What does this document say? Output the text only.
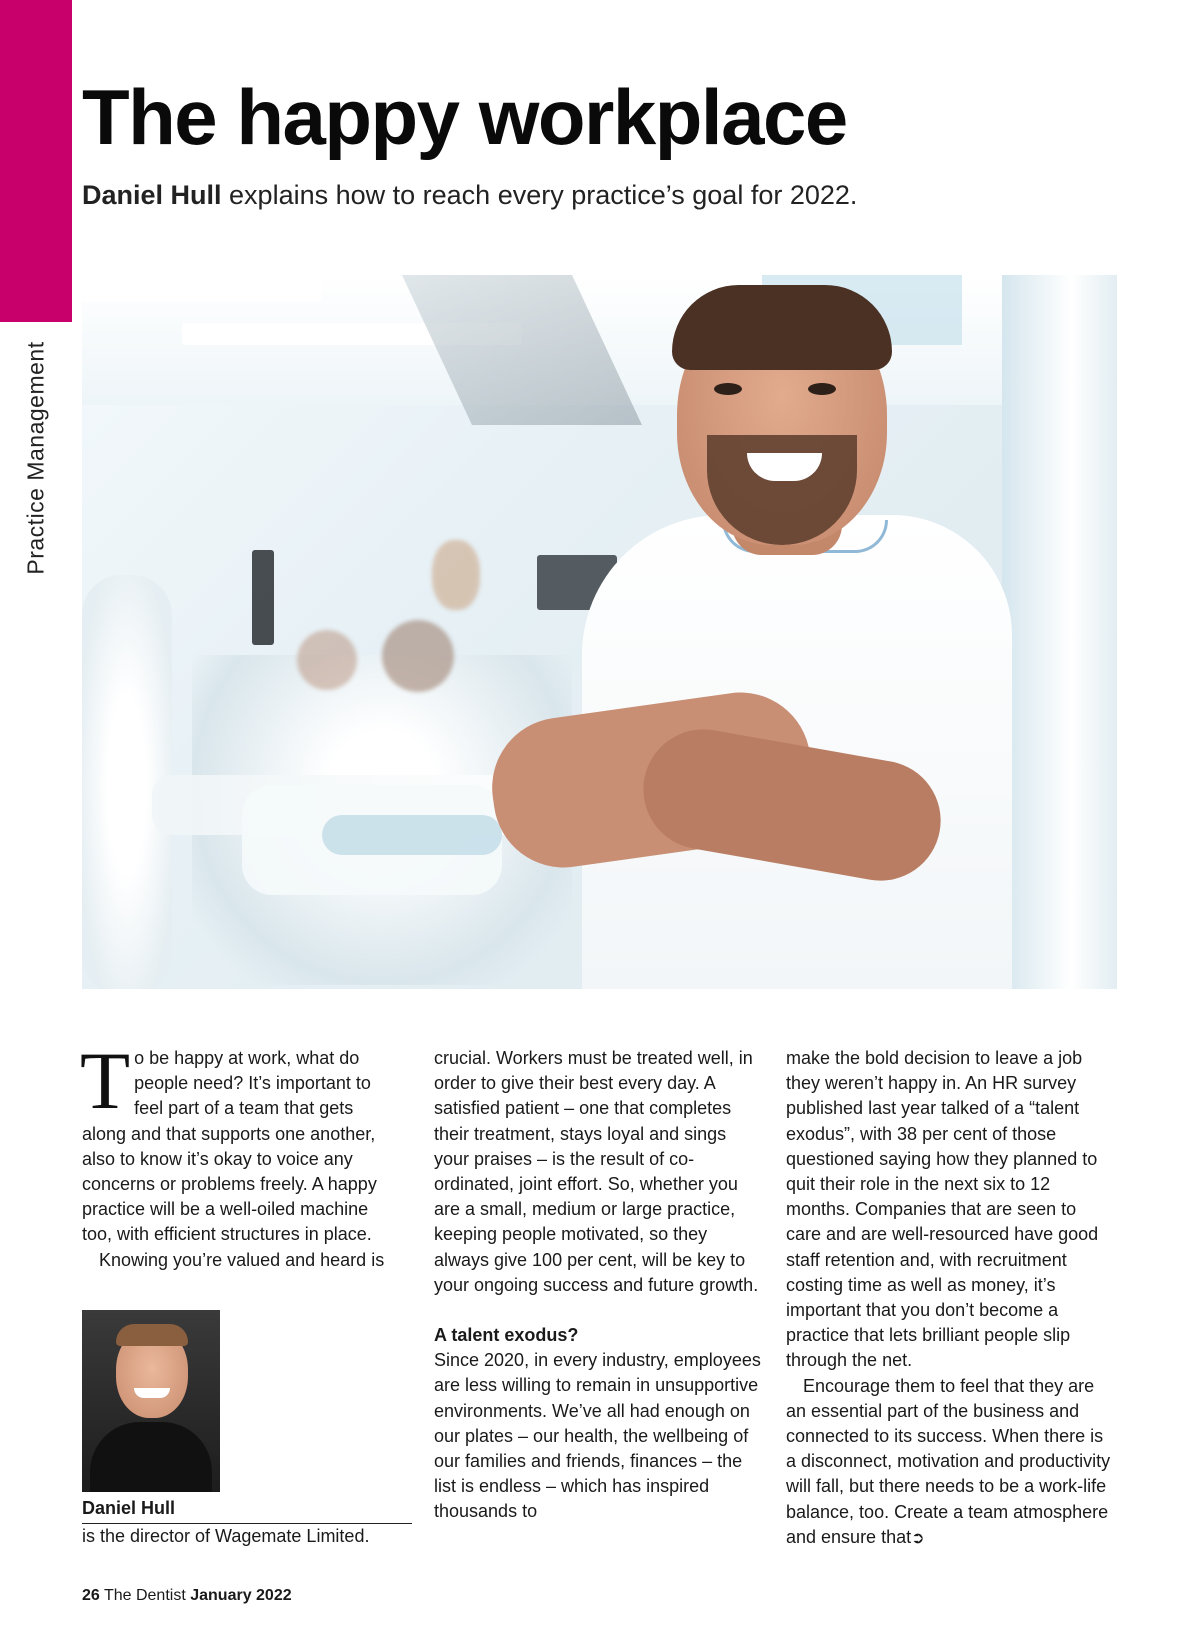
Practice Management
The happy workplace
Daniel Hull explains how to reach every practice’s goal for 2022.
T o be happy at work, what do people need? It’s important to feel part of a team that gets along and that supports one another, also to know it’s okay to voice any concerns or problems freely. A happy practice will be a well-oiled machine too, with efficient structures in place.

Knowing you’re valued and heard is

crucial. Workers must be treated well, in order to give their best every day. A satisfied patient – one that completes their treatment, stays loyal and sings your praises – is the result of co-ordinated, joint effort. So, whether you are a small, medium or large practice, keeping people motivated, so they always give 100 per cent, will be key to your ongoing success and future growth.

A talent exodus?

Since 2020, in every industry, employees are less willing to remain in unsupportive environments. We’ve all had enough on our plates – our health, the wellbeing of our families and friends, finances – the list is endless – which has inspired thousands to

make the bold decision to leave a job they weren’t happy in. An HR survey published last year talked of a “talent exodus”, with 38 per cent of those questioned saying how they planned to quit their role in the next six to 12 months. Companies that are seen to care and are well-resourced have good staff retention and, with recruitment costing time as well as money, it’s important that you don’t become a practice that lets brilliant people slip through the net.

Encourage them to feel that they are an essential part of the business and connected to its success. When there is a disconnect, motivation and productivity will fall, but there needs to be a work-life balance, too. Create a team atmosphere and ensure that➲

Daniel Hull
is the director of Wagemate Limited.
26 The Dentist January 2022
